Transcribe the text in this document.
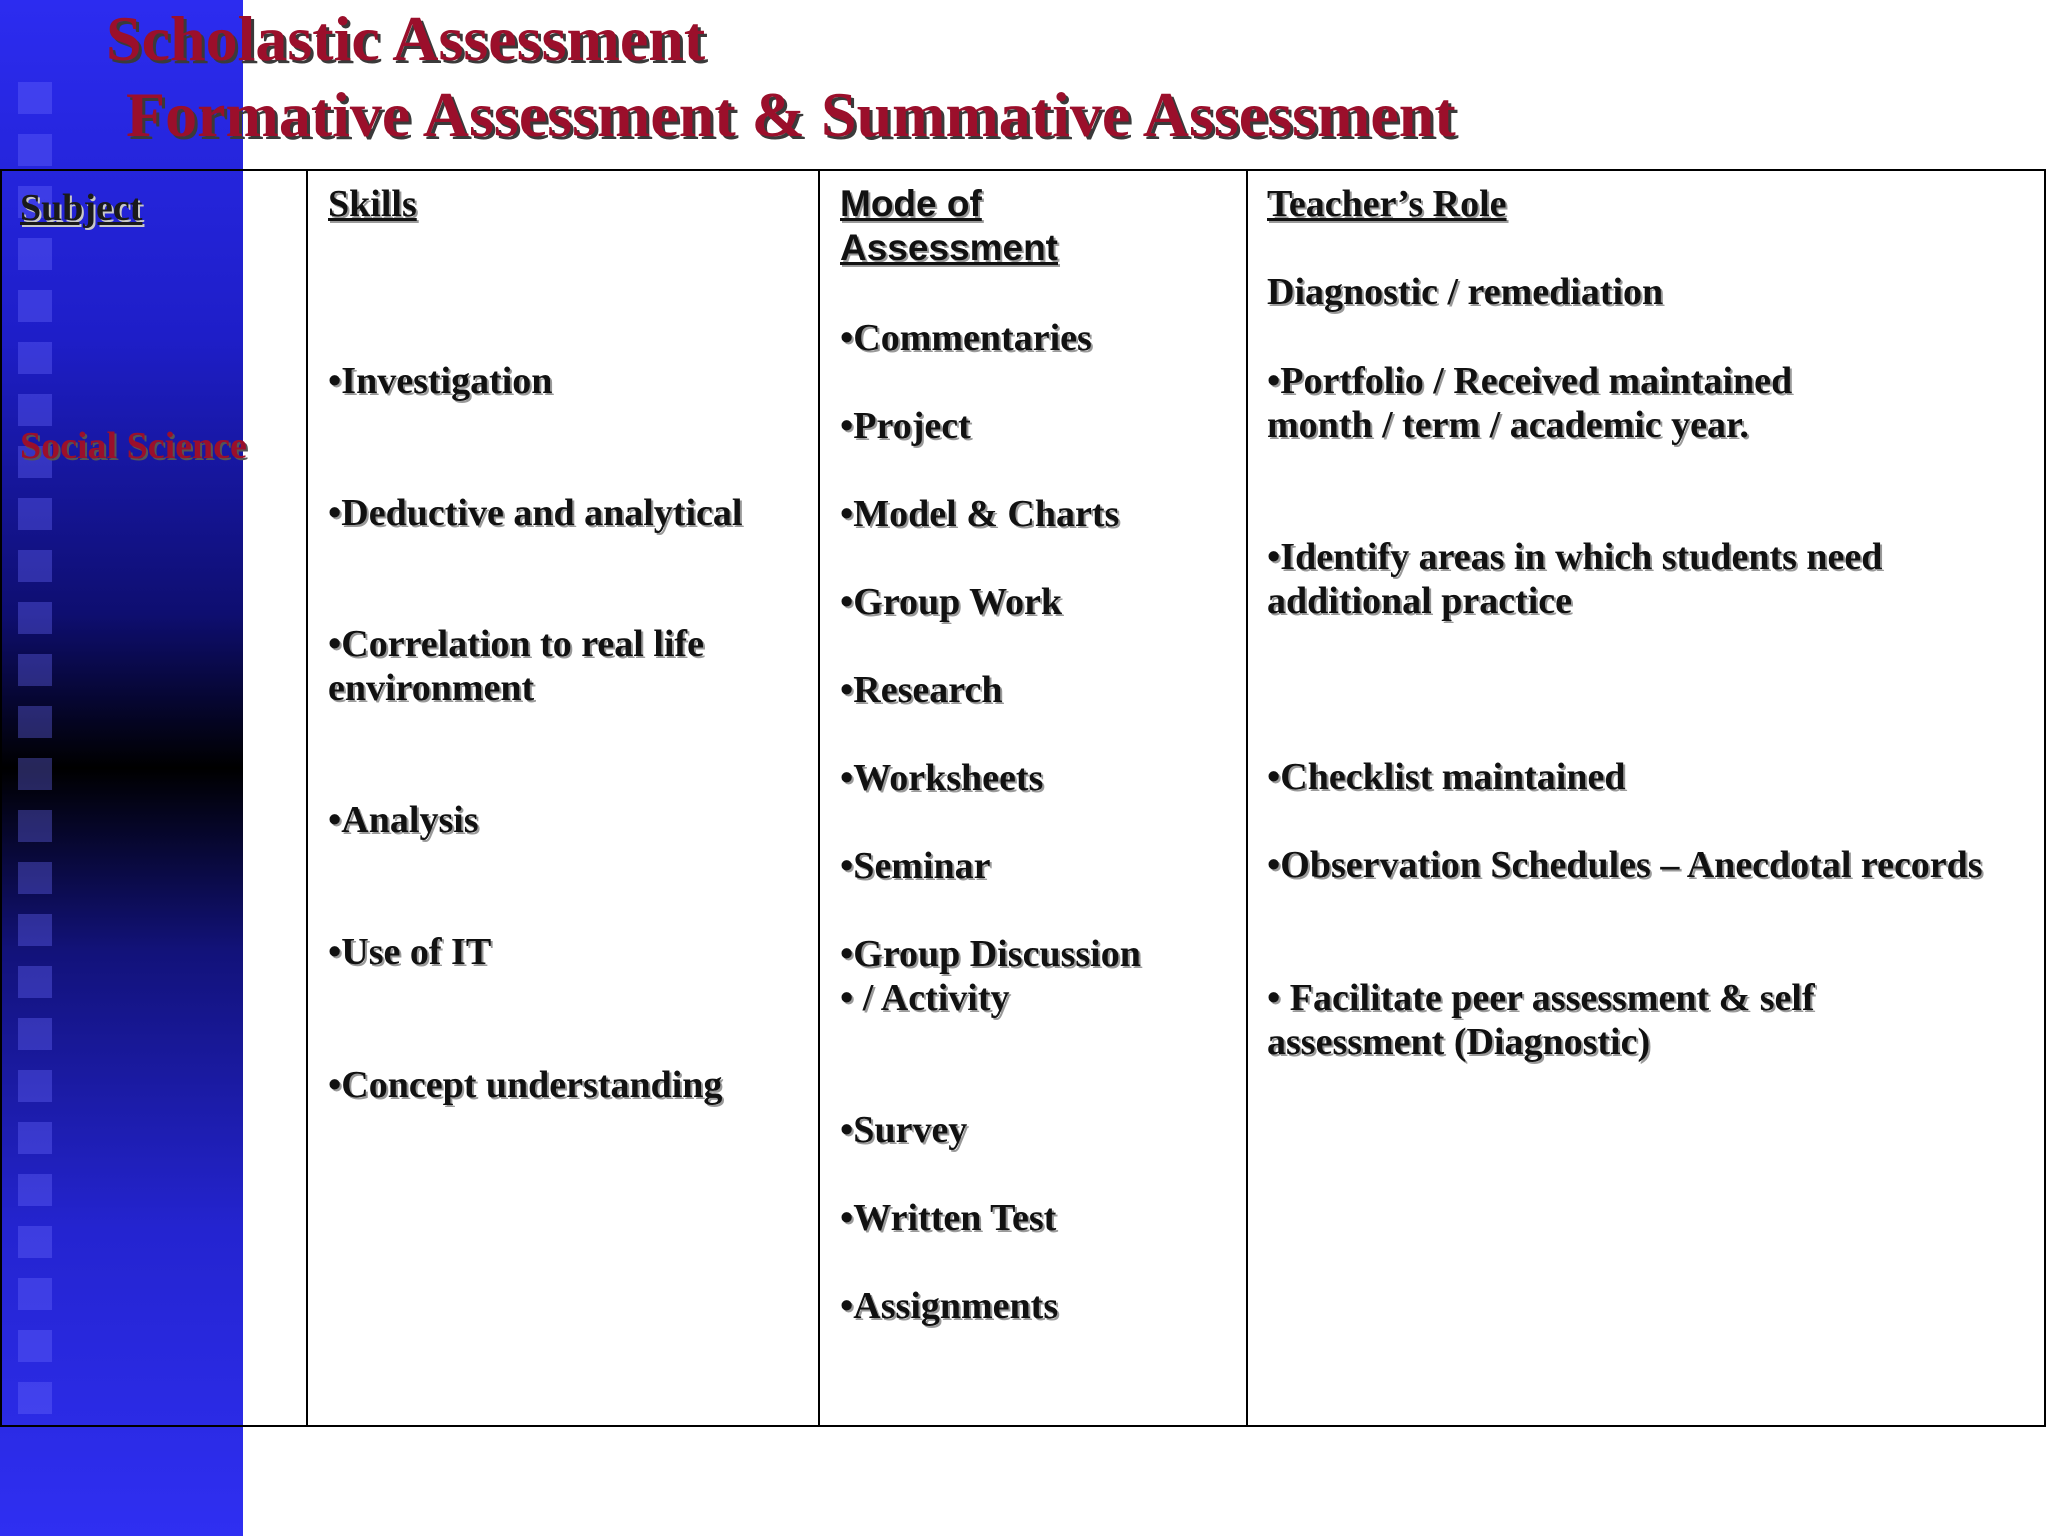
Scholastic Assessment
Formative Assessment & Summative Assessment

Subject	Skills	Mode of

Assessment

Teacher’s Role

Social Science

•Investigation

•Deductive and analytical

•Correlation to real life

environment

•Analysis

•Use of IT

•Concept understanding

•Commentaries

•Project

•Model & Charts

•Group Work

•Research

•Worksheets

•Seminar

•Group Discussion

• / Activity

•Survey

•Written Test

•Assignments

Diagnostic / remediation

•Portfolio / Received maintained

month / term / academic year.

•Identify areas in which students need

additional practice

•Checklist maintained

•Observation Schedules – Anecdotal records

• Facilitate peer assessment & self

assessment (Diagnostic)
